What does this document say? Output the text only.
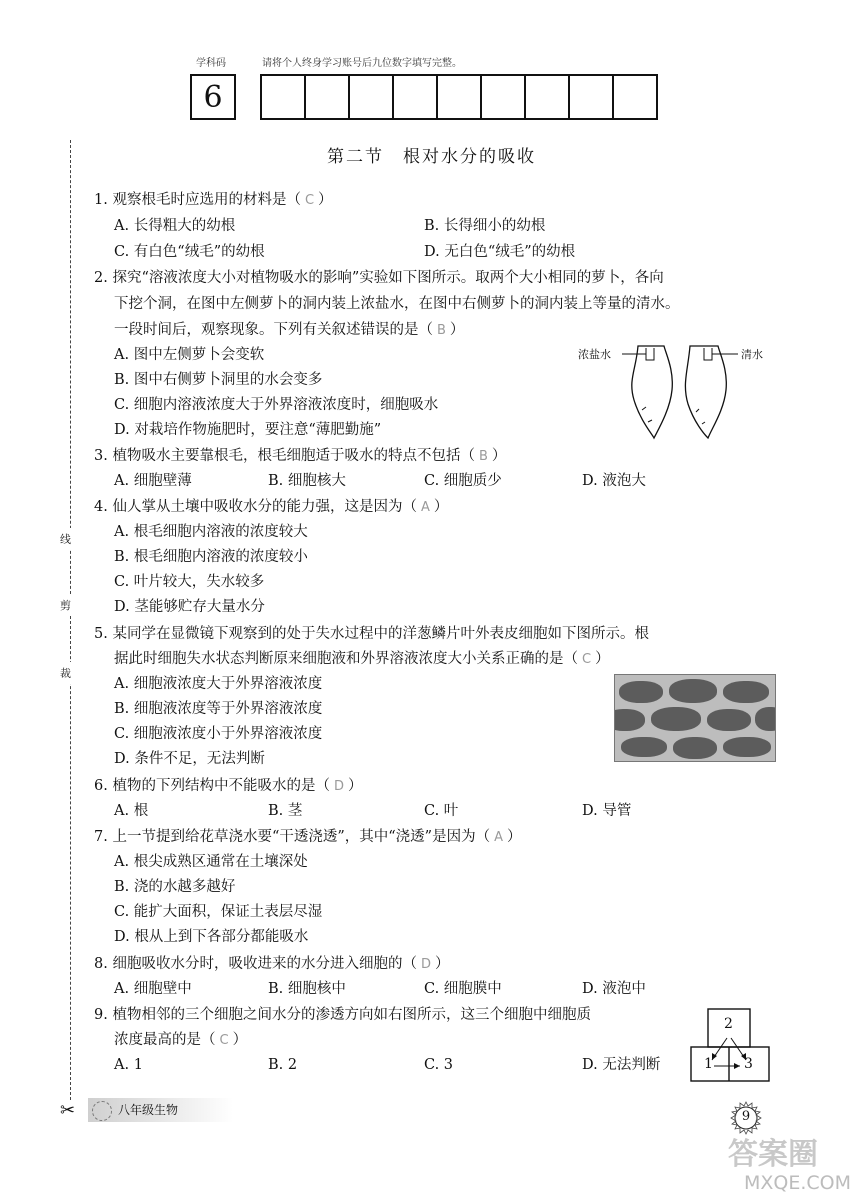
学科码	请将个人终身学习账号后九位数字填写完整。
6
第二节　根对水分的吸收
线
剪
裁
1. 观察根毛时应选用的材料是（ C ）
A. 长得粗大的幼根	B. 长得细小的幼根
C. 有白色“绒毛”的幼根	D. 无白色“绒毛”的幼根
2. 探究“溶液浓度大小对植物吸水的影响”实验如下图所示。取两个大小相同的萝卜，各向
下挖个洞，在图中左侧萝卜的洞内装上浓盐水，在图中右侧萝卜的洞内装上等量的清水。
一段时间后，观察现象。下列有关叙述错误的是（ B ）
A. 图中左侧萝卜会变软
B. 图中右侧萝卜洞里的水会变多
C. 细胞内溶液浓度大于外界溶液浓度时，细胞吸水
D. 对栽培作物施肥时，要注意“薄肥勤施”
浓盐水	清水
3. 植物吸水主要靠根毛，根毛细胞适于吸水的特点不包括（ B ）
A. 细胞壁薄	B. 细胞核大	C. 细胞质少	D. 液泡大
4. 仙人掌从土壤中吸收水分的能力强，这是因为（ A ）
A. 根毛细胞内溶液的浓度较大
B. 根毛细胞内溶液的浓度较小
C. 叶片较大，失水较多
D. 茎能够贮存大量水分
5. 某同学在显微镜下观察到的处于失水过程中的洋葱鳞片叶外表皮细胞如下图所示。根
据此时细胞失水状态判断原来细胞液和外界溶液浓度大小关系正确的是（ C ）
A. 细胞液浓度大于外界溶液浓度
B. 细胞液浓度等于外界溶液浓度
C. 细胞液浓度小于外界溶液浓度
D. 条件不足，无法判断
6. 植物的下列结构中不能吸水的是（ D ）
A. 根	B. 茎	C. 叶	D. 导管
7. 上一节提到给花草浇水要“干透浇透”，其中“浇透”是因为（ A ）
A. 根尖成熟区通常在土壤深处
B. 浇的水越多越好
C. 能扩大面积，保证土表层尽湿
D. 根从上到下各部分都能吸水
8. 细胞吸收水分时，吸收进来的水分进入细胞的（ D ）
A. 细胞壁中	B. 细胞核中	C. 细胞膜中	D. 液泡中
9. 植物相邻的三个细胞之间水分的渗透方向如右图所示，这三个细胞中细胞质
浓度最高的是（ C ）
A. 1	B. 2	C. 3	D. 无法判断
2
1 3
✂	八年级生物	9
答案圈
MXQE.COM
